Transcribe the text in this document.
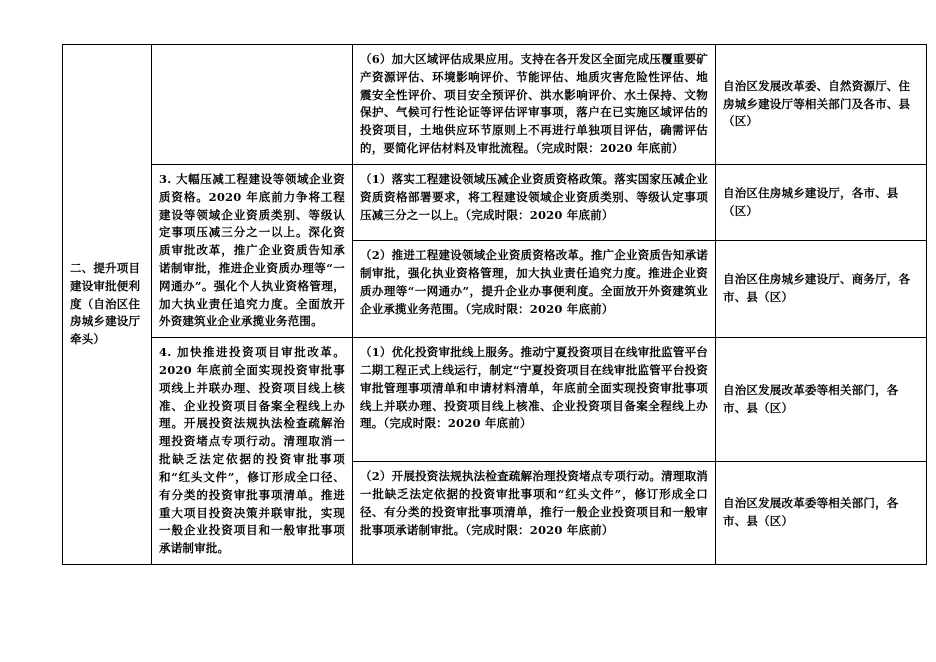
二、提升项目建设审批便利度（自治区住房城乡建设厅牵头）		（6）加大区域评估成果应用。支持在各开发区全面完成压覆重要矿产资源评估、环境影响评价、节能评估、地质灾害危险性评估、地震安全性评价、项目安全预评价、洪水影响评价、水土保持、文物保护、气候可行性论证等评估评审事项，落户在已实施区域评估的投资项目，土地供应环节原则上不再进行单独项目评估，确需评估的，要简化评估材料及审批流程。（完成时限：2020 年底前）	自治区发展改革委、自然资源厅、住房城乡建设厅等相关部门及各市、县（区）

	3. 大幅压减工程建设等领域企业资质资格。2020 年底前力争将工程建设等领域企业资质类别、等级认定事项压减三分之一以上。深化资质审批改革，推广企业资质告知承诺制审批，推进企业资质办理等“一网通办”。强化个人执业资格管理，加大执业责任追究力度。全面放开外资建筑业企业承揽业务范围。	（1）落实工程建设领域压减企业资质资格政策。落实国家压减企业资质资格部署要求，将工程建设领域企业资质类别、等级认定事项压减三分之一以上。（完成时限：2020 年底前）	自治区住房城乡建设厅，各市、县（区）

		（2）推进工程建设领域企业资质资格改革。推广企业资质告知承诺制审批，强化执业资格管理，加大执业责任追究力度。推进企业资质办理等“一网通办”，提升企业办事便利度。全面放开外资建筑业企业承揽业务范围。（完成时限：2020 年底前）	自治区住房城乡建设厅、商务厅，各市、县（区）

	4. 加快推进投资项目审批改革。2020 年底前全面实现投资审批事项线上并联办理、投资项目线上核准、企业投资项目备案全程线上办理。开展投资法规执法检查疏解治理投资堵点专项行动。清理取消一批缺乏法定依据的投资审批事项和“红头文件”，修订形成全口径、有分类的投资审批事项清单。推进重大项目投资决策并联审批，实现一般企业投资项目和一般审批事项承诺制审批。	（1）优化投资审批线上服务。推动宁夏投资项目在线审批监管平台二期工程正式上线运行，制定“宁夏投资项目在线审批监管平台投资审批管理事项清单和申请材料清单，年底前全面实现投资审批事项线上并联办理、投资项目线上核准、企业投资项目备案全程线上办理。（完成时限：2020 年底前）	自治区发展改革委等相关部门，各市、县（区）

		（2）开展投资法规执法检查疏解治理投资堵点专项行动。清理取消一批缺乏法定依据的投资审批事项和“红头文件”，修订形成全口径、有分类的投资审批事项清单，推行一般企业投资项目和一般审批事项承诺制审批。（完成时限：2020 年底前）	自治区发展改革委等相关部门，各市、县（区）
